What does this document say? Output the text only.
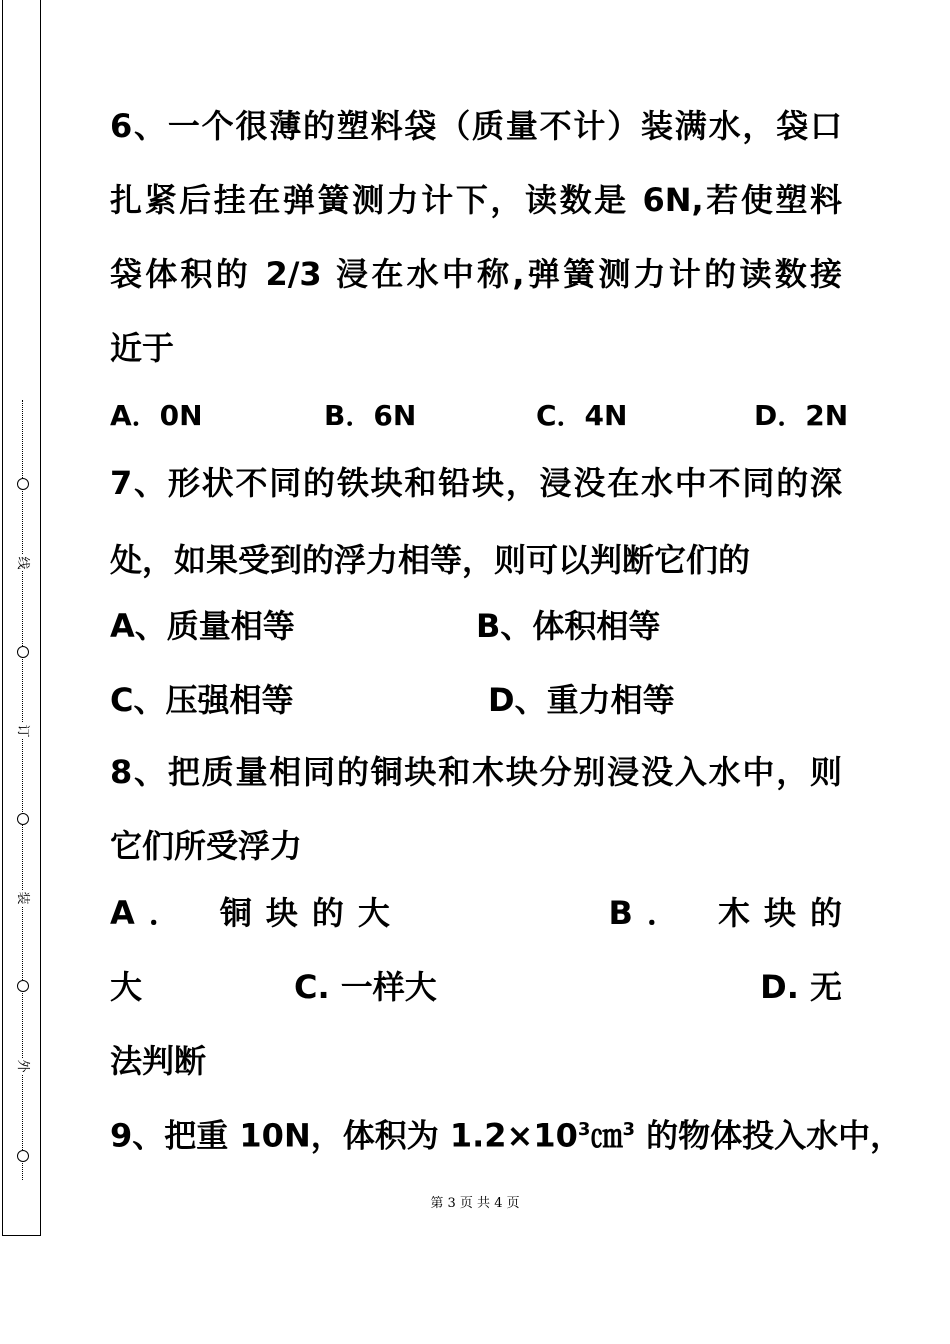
线
订
装
外
6、一个很薄的塑料袋（质量不计）装满水，袋口
扎紧后挂在弹簧测力计下，读数是 6N,若使塑料
袋体积的 2/3 浸在水中称,弹簧测力计的读数接
近于
A．0N	B．6N	C．4N	D．2N
7、形状不同的铁块和铅块，浸没在水中不同的深
处，如果受到的浮力相等，则可以判断它们的
A、质量相等	B、体积相等
C、压强相等	D、重力相等
8、把质量相同的铜块和木块分别浸没入水中，则
它们所受浮力
A． 铜块的大	B． 木块的
大	C. 一样大	D. 无
法判断
9、把重 10N，体积为 $1.2\times 10^3㎝^3$ 的物体投入水中，
第 3 页 共 4 页
